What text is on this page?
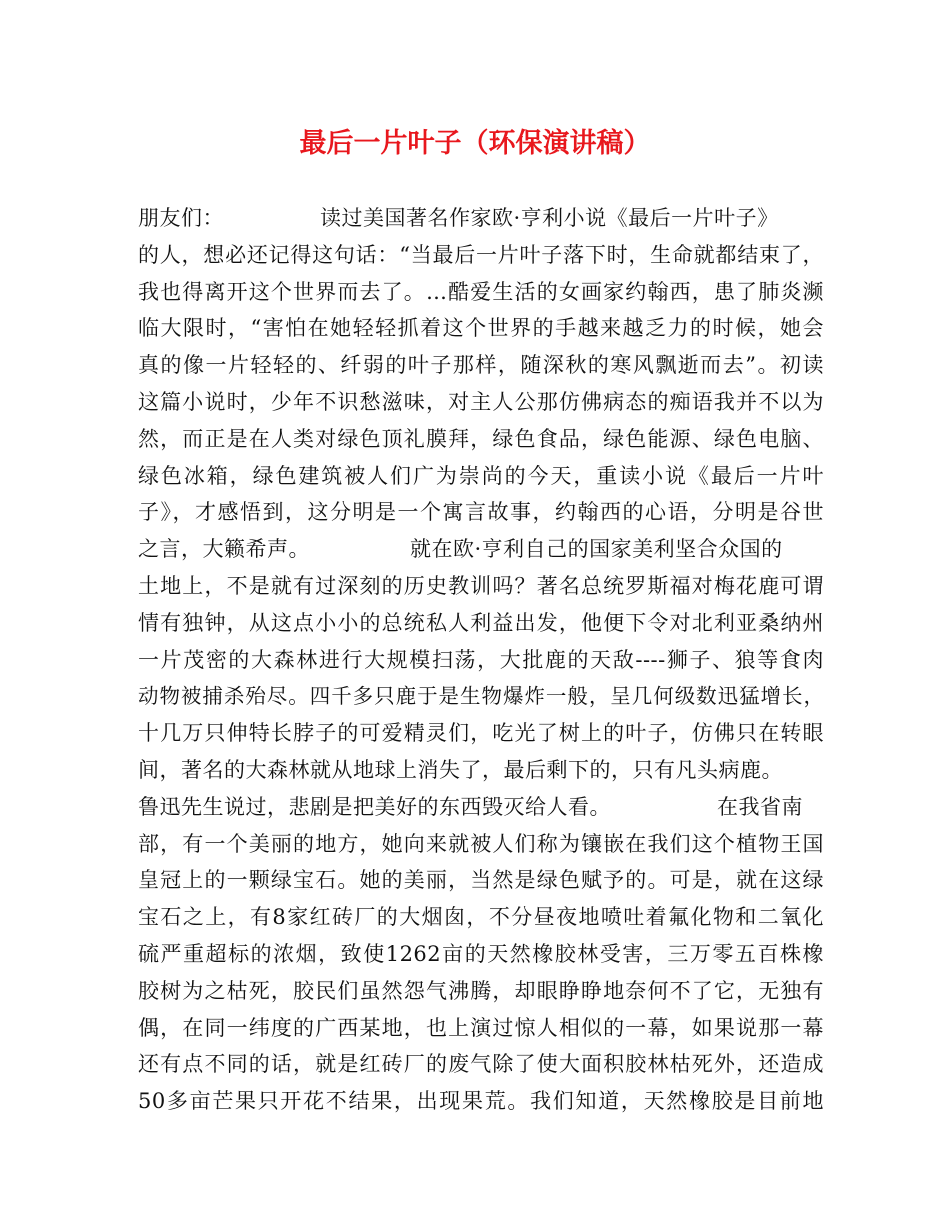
最后一片叶子（环保演讲稿）
朋友们：	读过美国著名作家欧·亨利小说《最后一片叶子》
的人，想必还记得这句话：“当最后一片叶子落下时，生命就都结束了，
我也得离开这个世界而去了。…酷爱生活的女画家约翰西，患了肺炎濒
临大限时，“害怕在她轻轻抓着这个世界的手越来越乏力的时候，她会
真的像一片轻轻的、纤弱的叶子那样，随深秋的寒风飘逝而去”。初读
这篇小说时，少年不识愁滋味，对主人公那仿佛病态的痴语我并不以为
然，而正是在人类对绿色顶礼膜拜，绿色食品，绿色能源、绿色电脑、
绿色冰箱，绿色建筑被人们广为崇尚的今天，重读小说《最后一片叶
子》，才感悟到，这分明是一个寓言故事，约翰西的心语，分明是谷世
之言，大籁希声。	就在欧·亨利自己的国家美利坚合众国的
土地上，不是就有过深刻的历史教训吗？著名总统罗斯福对梅花鹿可谓
情有独钟，从这点小小的总统私人利益出发，他便下令对北利亚桑纳州
一片茂密的大森林进行大规模扫荡，大批鹿的天敌----狮子、狼等食肉
动物被捕杀殆尽。四千多只鹿于是生物爆炸一般，呈几何级数迅猛增长，
十几万只伸特长脖子的可爱精灵们，吃光了树上的叶子，仿佛只在转眼
间，著名的大森林就从地球上消失了，最后剩下的，只有凡头病鹿。
鲁迅先生说过，悲剧是把美好的东西毁灭给人看。	在我省南
部，有一个美丽的地方，她向来就被人们称为镶嵌在我们这个植物王国
皇冠上的一颗绿宝石。她的美丽，当然是绿色赋予的。可是，就在这绿
宝石之上，有8家红砖厂的大烟囱，不分昼夜地喷吐着氟化物和二氧化
硫严重超标的浓烟，致使1262亩的天然橡胶林受害，三万零五百株橡
胶树为之枯死，胶民们虽然怨气沸腾，却眼睁睁地奈何不了它，无独有
偶，在同一纬度的广西某地，也上演过惊人相似的一幕，如果说那一幕
还有点不同的话，就是红砖厂的废气除了使大面积胶林枯死外，还造成
50多亩芒果只开花不结果，出现果荒。我们知道，天然橡胶是目前地
